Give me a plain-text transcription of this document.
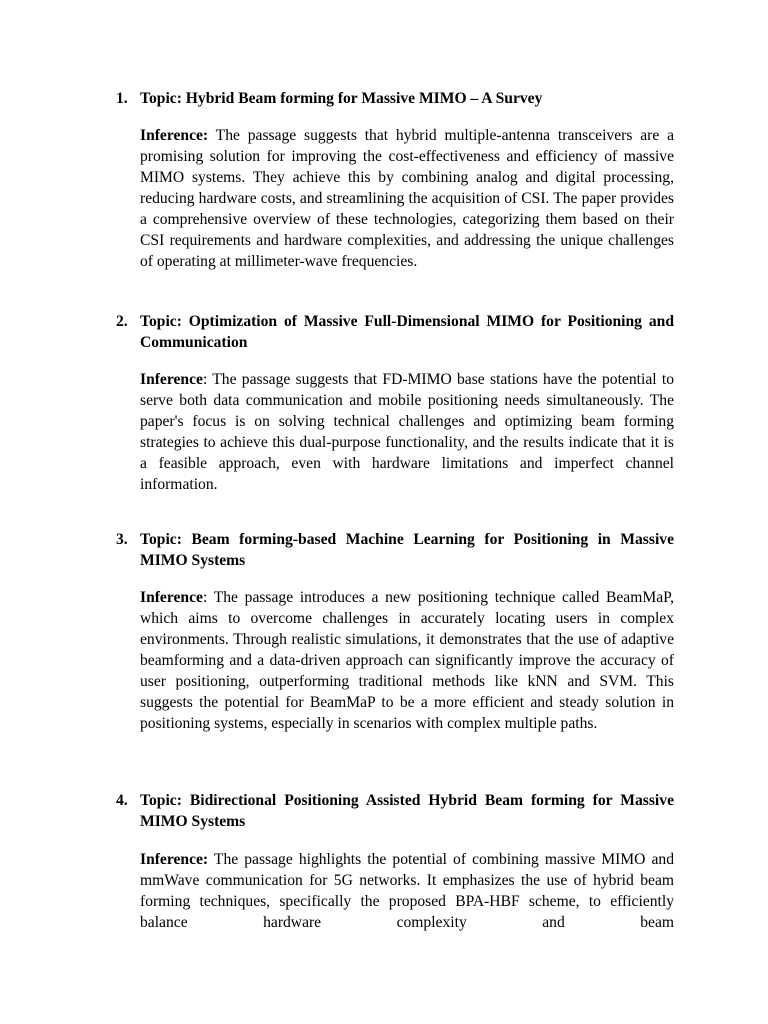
1. Topic: Hybrid Beam forming for Massive MIMO – A Survey
Inference: The passage suggests that hybrid multiple-antenna transceivers are a promising solution for improving the cost-effectiveness and efficiency of massive MIMO systems. They achieve this by combining analog and digital processing, reducing hardware costs, and streamlining the acquisition of CSI. The paper provides a comprehensive overview of these technologies, categorizing them based on their CSI requirements and hardware complexities, and addressing the unique challenges of operating at millimeter-wave frequencies.
2. Topic: Optimization of Massive Full-Dimensional MIMO for Positioning and Communication
Inference: The passage suggests that FD-MIMO base stations have the potential to serve both data communication and mobile positioning needs simultaneously. The paper's focus is on solving technical challenges and optimizing beam forming strategies to achieve this dual-purpose functionality, and the results indicate that it is a feasible approach, even with hardware limitations and imperfect channel information.
3. Topic: Beam forming-based Machine Learning for Positioning in Massive MIMO Systems
Inference: The passage introduces a new positioning technique called BeamMaP, which aims to overcome challenges in accurately locating users in complex environments. Through realistic simulations, it demonstrates that the use of adaptive beamforming and a data-driven approach can significantly improve the accuracy of user positioning, outperforming traditional methods like kNN and SVM. This suggests the potential for BeamMaP to be a more efficient and steady solution in positioning systems, especially in scenarios with complex multiple paths.
4. Topic: Bidirectional Positioning Assisted Hybrid Beam forming for Massive MIMO Systems
Inference: The passage highlights the potential of combining massive MIMO and mmWave communication for 5G networks. It emphasizes the use of hybrid beam forming techniques, specifically the proposed BPA-HBF scheme, to efficiently balance hardware complexity and beam
